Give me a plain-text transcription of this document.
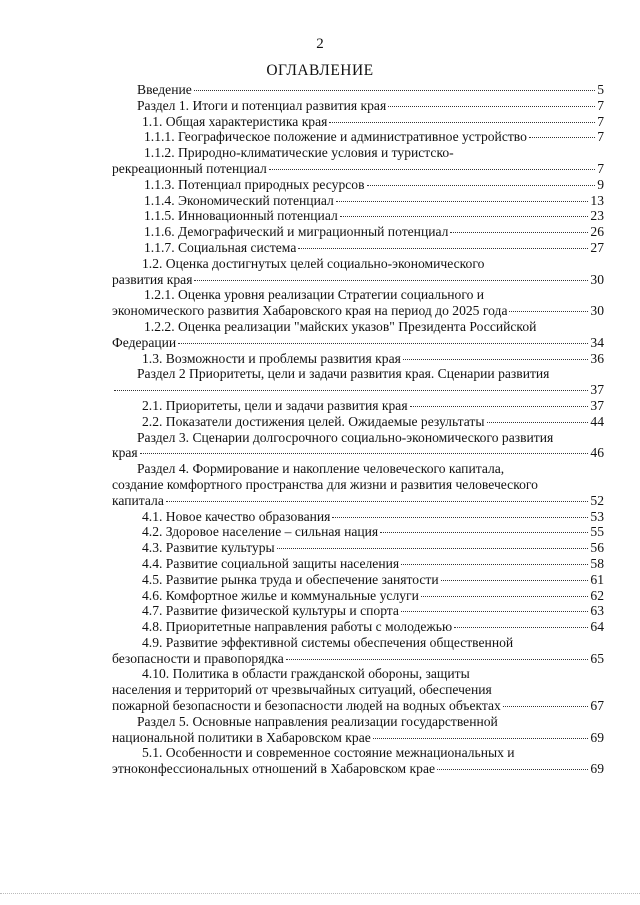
2
ОГЛАВЛЕНИЕ
Введение	5
Раздел 1. Итоги и потенциал развития края	7
1.1. Общая характеристика края	7
1.1.1. Географическое положение и административное устройство	7
1.1.2. Природно-климатические условия и туристско-
рекреационный потенциал	7
1.1.3. Потенциал природных ресурсов	9
1.1.4. Экономический потенциал	13
1.1.5. Инновационный потенциал	23
1.1.6. Демографический и миграционный потенциал	26
1.1.7. Социальная система	27
1.2. Оценка достигнутых целей социально-экономического
развития края	30
1.2.1. Оценка уровня реализации Стратегии социального и
экономического развития Хабаровского края на период до 2025 года	30
1.2.2. Оценка реализации "майских указов" Президента Российской
Федерации	34
1.3. Возможности и проблемы развития края	36
Раздел 2 Приоритеты, цели и задачи развития края. Сценарии развития
37
2.1. Приоритеты, цели и задачи развития края	37
2.2. Показатели достижения целей. Ожидаемые результаты	44
Раздел 3. Сценарии долгосрочного социально-экономического развития
края	46
Раздел 4. Формирование и накопление человеческого капитала,
создание комфортного пространства для жизни и развития человеческого
капитала	52
4.1. Новое качество образования	53
4.2. Здоровое население – сильная нация	55
4.3. Развитие культуры	56
4.4. Развитие социальной защиты населения	58
4.5. Развитие рынка труда и обеспечение занятости	61
4.6. Комфортное жилье и коммунальные услуги	62
4.7. Развитие физической культуры и спорта	63
4.8. Приоритетные направления работы с молодежью	64
4.9. Развитие эффективной системы обеспечения общественной
безопасности и правопорядка	65
4.10. Политика в области гражданской обороны, защиты
населения и территорий от чрезвычайных ситуаций, обеспечения
пожарной безопасности и безопасности людей на водных объектах	67
Раздел 5. Основные направления реализации государственной
национальной политики в Хабаровском крае	69
5.1. Особенности и современное состояние межнациональных и
этноконфессиональных отношений в Хабаровском крае	69
